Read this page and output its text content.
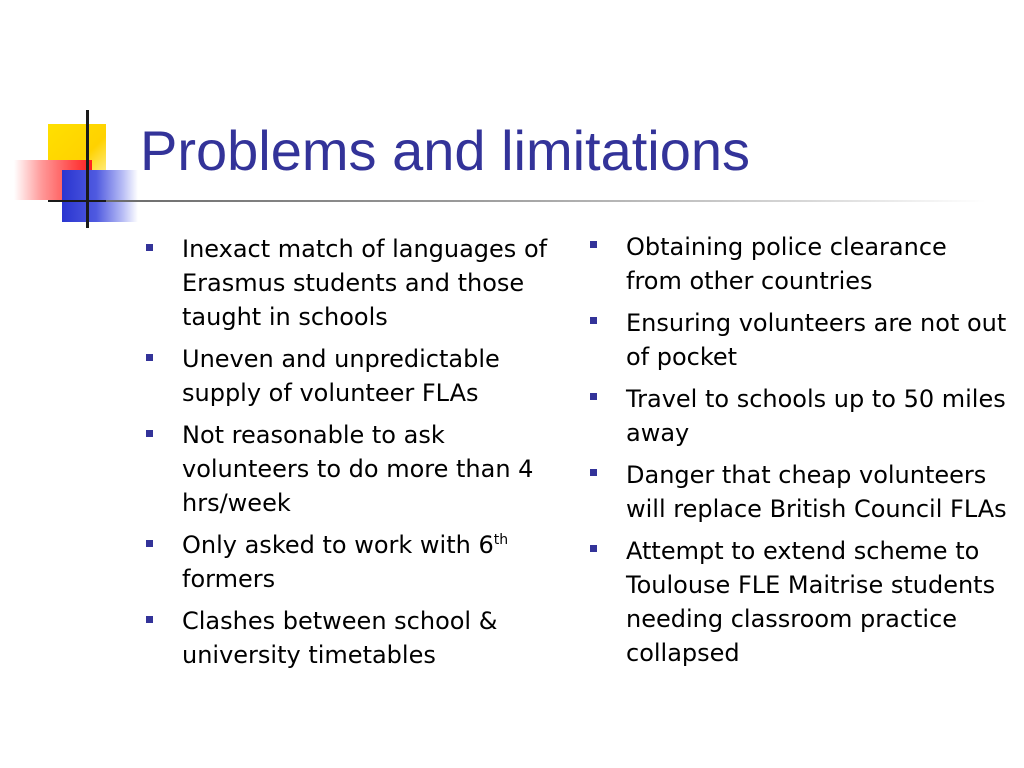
Problems and limitations
Inexact match of languages of Erasmus students and those taught in schools
Uneven and unpredictable supply of volunteer FLAs
Not reasonable to ask volunteers to do more than 4 hrs/week
Only asked to work with 6th formers
Clashes between school & university timetables
Obtaining police clearance from other countries
Ensuring volunteers are not out of pocket
Travel to schools up to 50 miles away
Danger that cheap volunteers will replace British Council FLAs
Attempt to extend scheme to Toulouse FLE Maitrise students needing classroom practice collapsed
